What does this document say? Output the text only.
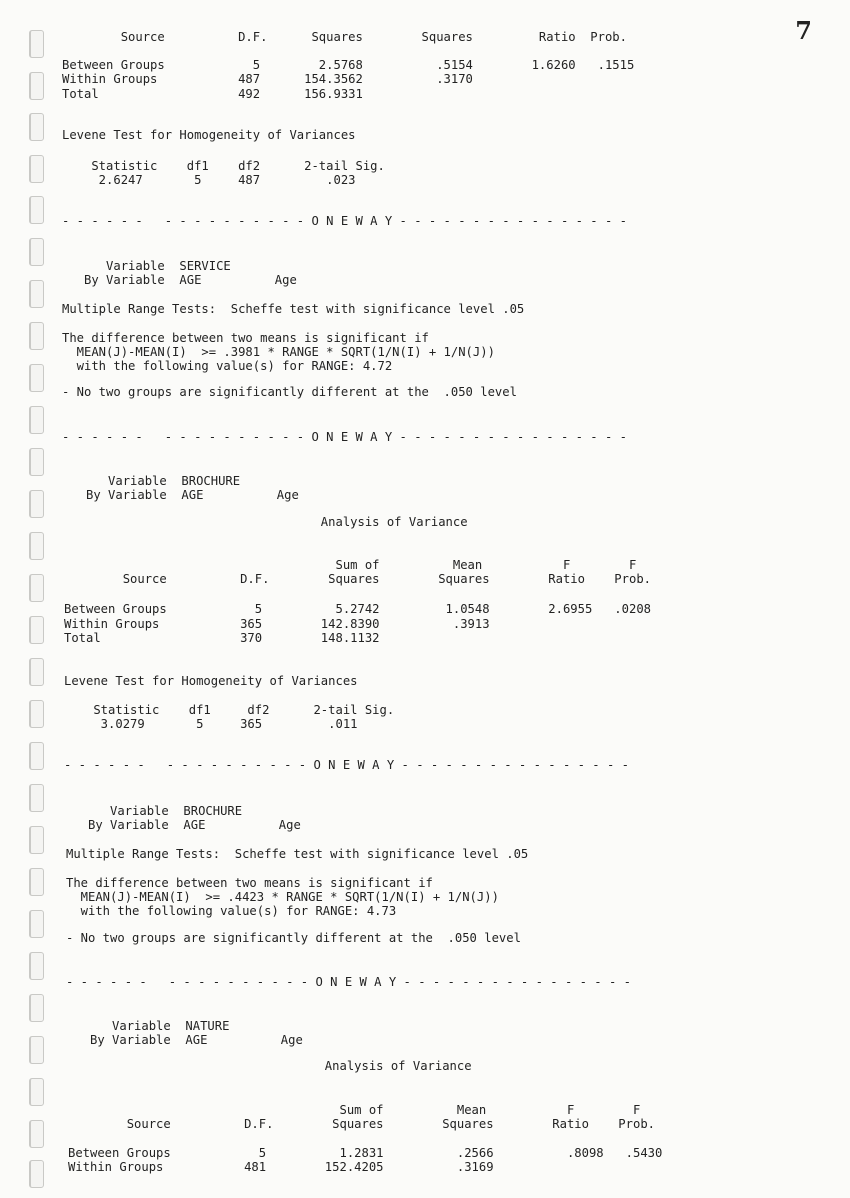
7
Source          D.F.      Squares        Squares         Ratio  Prob.
Between Groups            5        2.5768          .5154        1.6260   .1515
Within Groups           487      154.3562          .3170
Total                   492      156.9331
Levene Test for Homogeneity of Variances
Statistic    df1    df2      2-tail Sig.
2.6247       5     487         .023
- - - - - -   - - - - - - - - - - O N E W A Y - - - - - - - - - - - - - - - -
Variable  SERVICE
By Variable  AGE          Age
Multiple Range Tests:  Scheffe test with significance level .05
The difference between two means is significant if
MEAN(J)-MEAN(I)  >= .3981 * RANGE * SQRT(1/N(I) + 1/N(J))
with the following value(s) for RANGE: 4.72
- No two groups are significantly different at the  .050 level
- - - - - -   - - - - - - - - - - O N E W A Y - - - - - - - - - - - - - - - -
Variable  BROCHURE
By Variable  AGE          Age
Analysis of Variance
Sum of          Mean           F        F
Source          D.F.        Squares        Squares        Ratio    Prob.
Between Groups            5          5.2742         1.0548        2.6955   .0208
Within Groups           365        142.8390          .3913
Total                   370        148.1132
Levene Test for Homogeneity of Variances
Statistic    df1     df2      2-tail Sig.
3.0279       5     365         .011
- - - - - -   - - - - - - - - - - O N E W A Y - - - - - - - - - - - - - - - -
Variable  BROCHURE
By Variable  AGE          Age
Multiple Range Tests:  Scheffe test with significance level .05
The difference between two means is significant if
MEAN(J)-MEAN(I)  >= .4423 * RANGE * SQRT(1/N(I) + 1/N(J))
with the following value(s) for RANGE: 4.73
- No two groups are significantly different at the  .050 level
- - - - - -   - - - - - - - - - - O N E W A Y - - - - - - - - - - - - - - - -
Variable  NATURE
By Variable  AGE          Age
Analysis of Variance
Sum of          Mean           F        F
Source          D.F.        Squares        Squares        Ratio    Prob.
Between Groups            5          1.2831          .2566          .8098   .5430
Within Groups           481        152.4205          .3169
